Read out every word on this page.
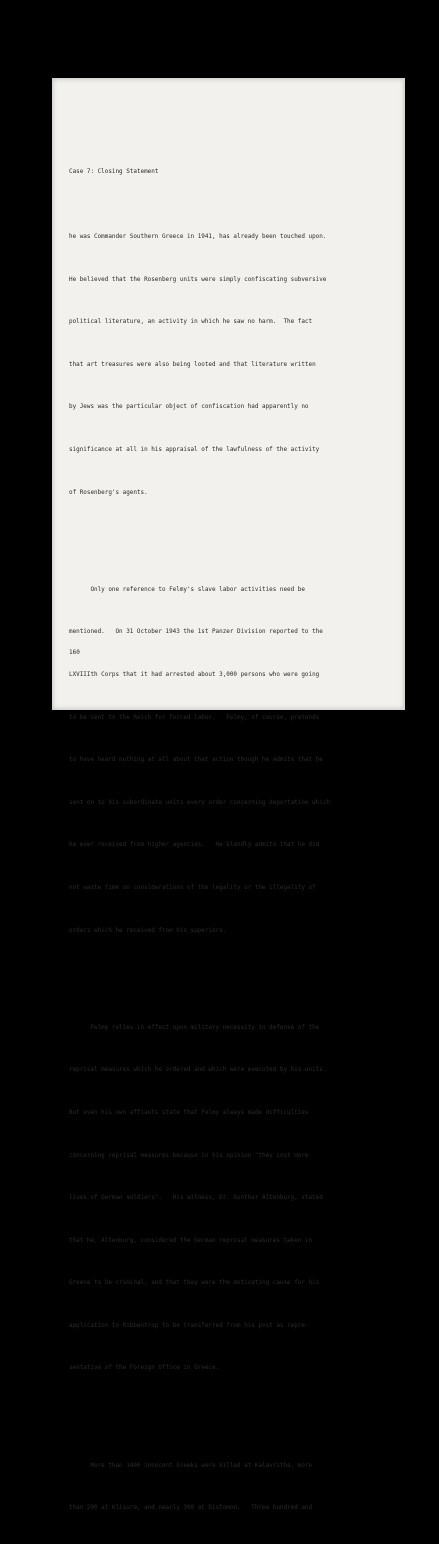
Case 7: Closing Statement

he was Commander Southern Greece in 1941, has already been touched upon.

He believed that the Rosenberg units were simply confiscating subversive

political literature, an activity in which he saw no harm.  The fact

that art treasures were also being looted and that literature written

by Jews was the particular object of confiscation had apparently no

significance at all in his appraisal of the lawfulness of the activity

of Rosenberg's agents.

Only one reference to Felmy's slave labor activities need be

mentioned.   On 31 October 1943 the 1st Panzer Division reported to the

LXVIIIth Corps that it had arrested about 3,000 persons who were going

to be sent to the Reich for forced labor.   Felmy, of course, pretends

to have heard nothing at all about that action though he admits that he

sent on to his subordinate units every order concerning deportation which

he ever received from higher agencies.   He blandly admits that he did

not waste time on considerations of the legality or the illegality of

orders which he received from his superiors.

Felmy relies in effect upon military necessity in defense of the

reprisal measures which he ordered and which were executed by his units.

But even his own affiants state that Felmy always made difficulties

concerning reprisal measures because in his opinion "they cost more

lives of German soldiers".   His witness, Dr. Gunther Altenburg, stated

that he, Altenburg, considered the German reprisal measures taken in

Greece to be criminal, and that they were the motivating cause for his

application to Ribbentrop to be transferred from his post as repre-

sentative of the Foreign Office in Greece.

More than 1400 innocent Greeks were killed at Kalavritha, more

than 200 at Klisura, and nearly 300 at Distomon.   Three hundred and

160
